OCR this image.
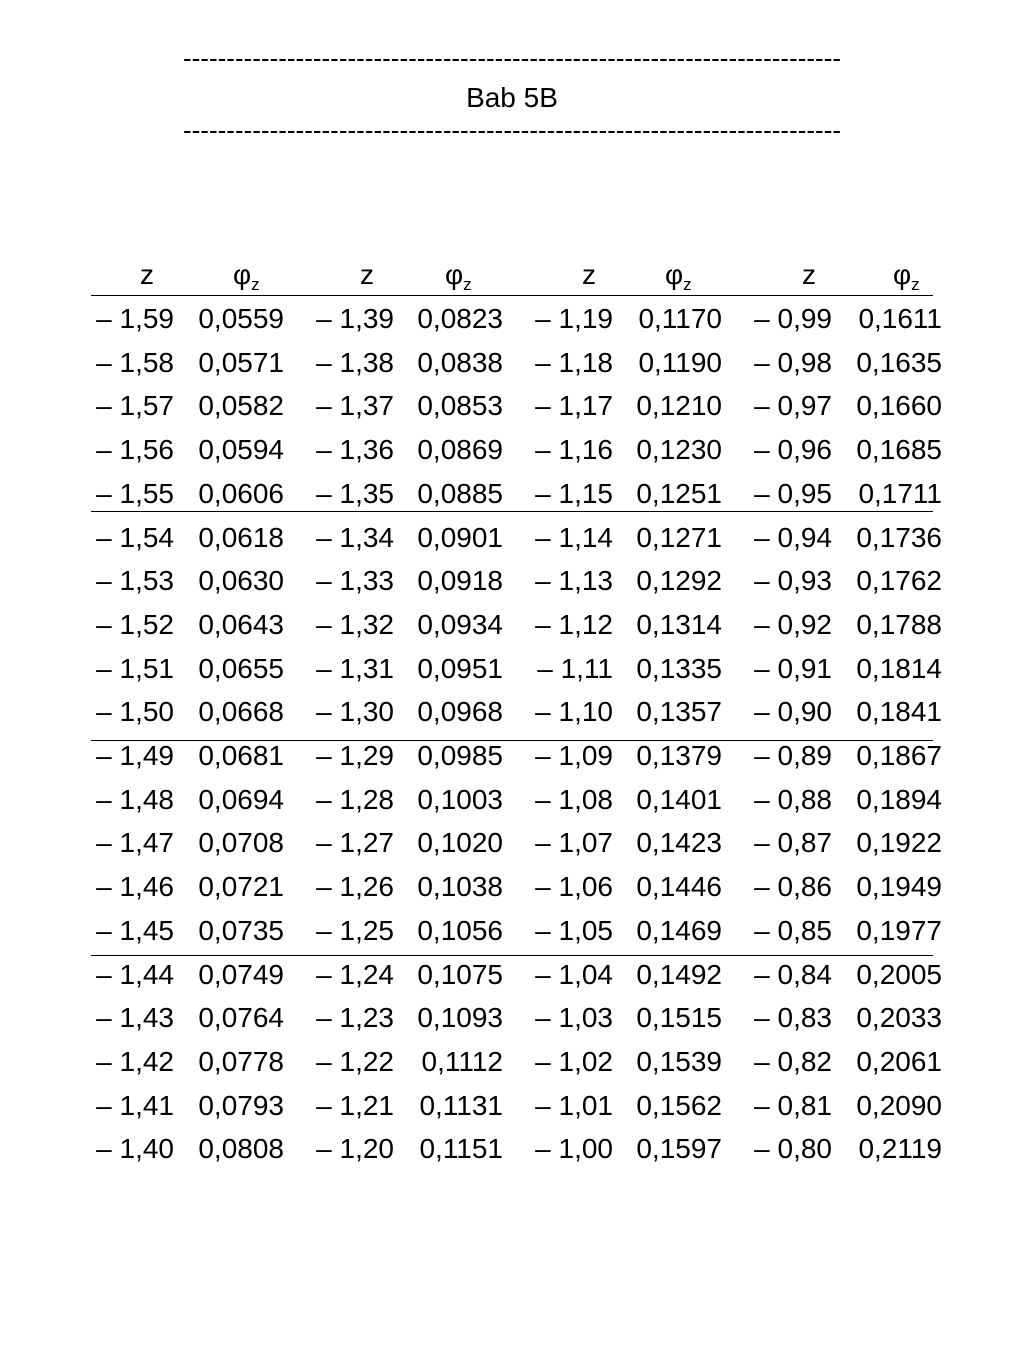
----------------------------------------------------------------------------
Bab 5B
----------------------------------------------------------------------------
z	$\varphi_z$	z	$\varphi_z$	z $\varphi_z$	z	$\varphi_z$
– 1,59 0,0559 – 1,39 0,0823 – 1,19 0,1170 – 0,99 0,1611
– 1,58 0,0571 – 1,38 0,0838 – 1,18 0,1190 – 0,98 0,1635
– 1,57 0,0582 – 1,37 0,0853 – 1,17 0,1210 – 0,97 0,1660
– 1,56 0,0594 – 1,36 0,0869 – 1,16 0,1230 – 0,96 0,1685
– 1,55 0,0606 – 1,35 0,0885 – 1,15 0,1251 – 0,95 0,1711
– 1,54 0,0618 – 1,34 0,0901 – 1,14 0,1271 – 0,94 0,1736
– 1,53 0,0630 – 1,33 0,0918 – 1,13 0,1292 – 0,93 0,1762
– 1,52 0,0643 – 1,32 0,0934 – 1,12 0,1314 – 0,92 0,1788
– 1,51 0,0655 – 1,31 0,0951 – 1,11 0,1335 – 0,91 0,1814
– 1,50 0,0668 – 1,30 0,0968 – 1,10 0,1357 – 0,90 0,1841
– 1,49 0,0681 – 1,29 0,0985 – 1,09 0,1379 – 0,89 0,1867
– 1,48 0,0694 – 1,28 0,1003 – 1,08 0,1401 – 0,88 0,1894
– 1,47 0,0708 – 1,27 0,1020 – 1,07 0,1423 – 0,87 0,1922
– 1,46 0,0721 – 1,26 0,1038 – 1,06 0,1446 – 0,86 0,1949
– 1,45 0,0735 – 1,25 0,1056 – 1,05 0,1469 – 0,85 0,1977
– 1,44 0,0749 – 1,24 0,1075 – 1,04 0,1492 – 0,84 0,2005
– 1,43 0,0764 – 1,23 0,1093 – 1,03 0,1515 – 0,83 0,2033
– 1,42 0,0778 – 1,22 0,1112 – 1,02 0,1539 – 0,82 0,2061
– 1,41 0,0793 – 1,21 0,1131 – 1,01 0,1562 – 0,81 0,2090
– 1,40 0,0808 – 1,20 0,1151 – 1,00 0,1597 – 0,80 0,2119
